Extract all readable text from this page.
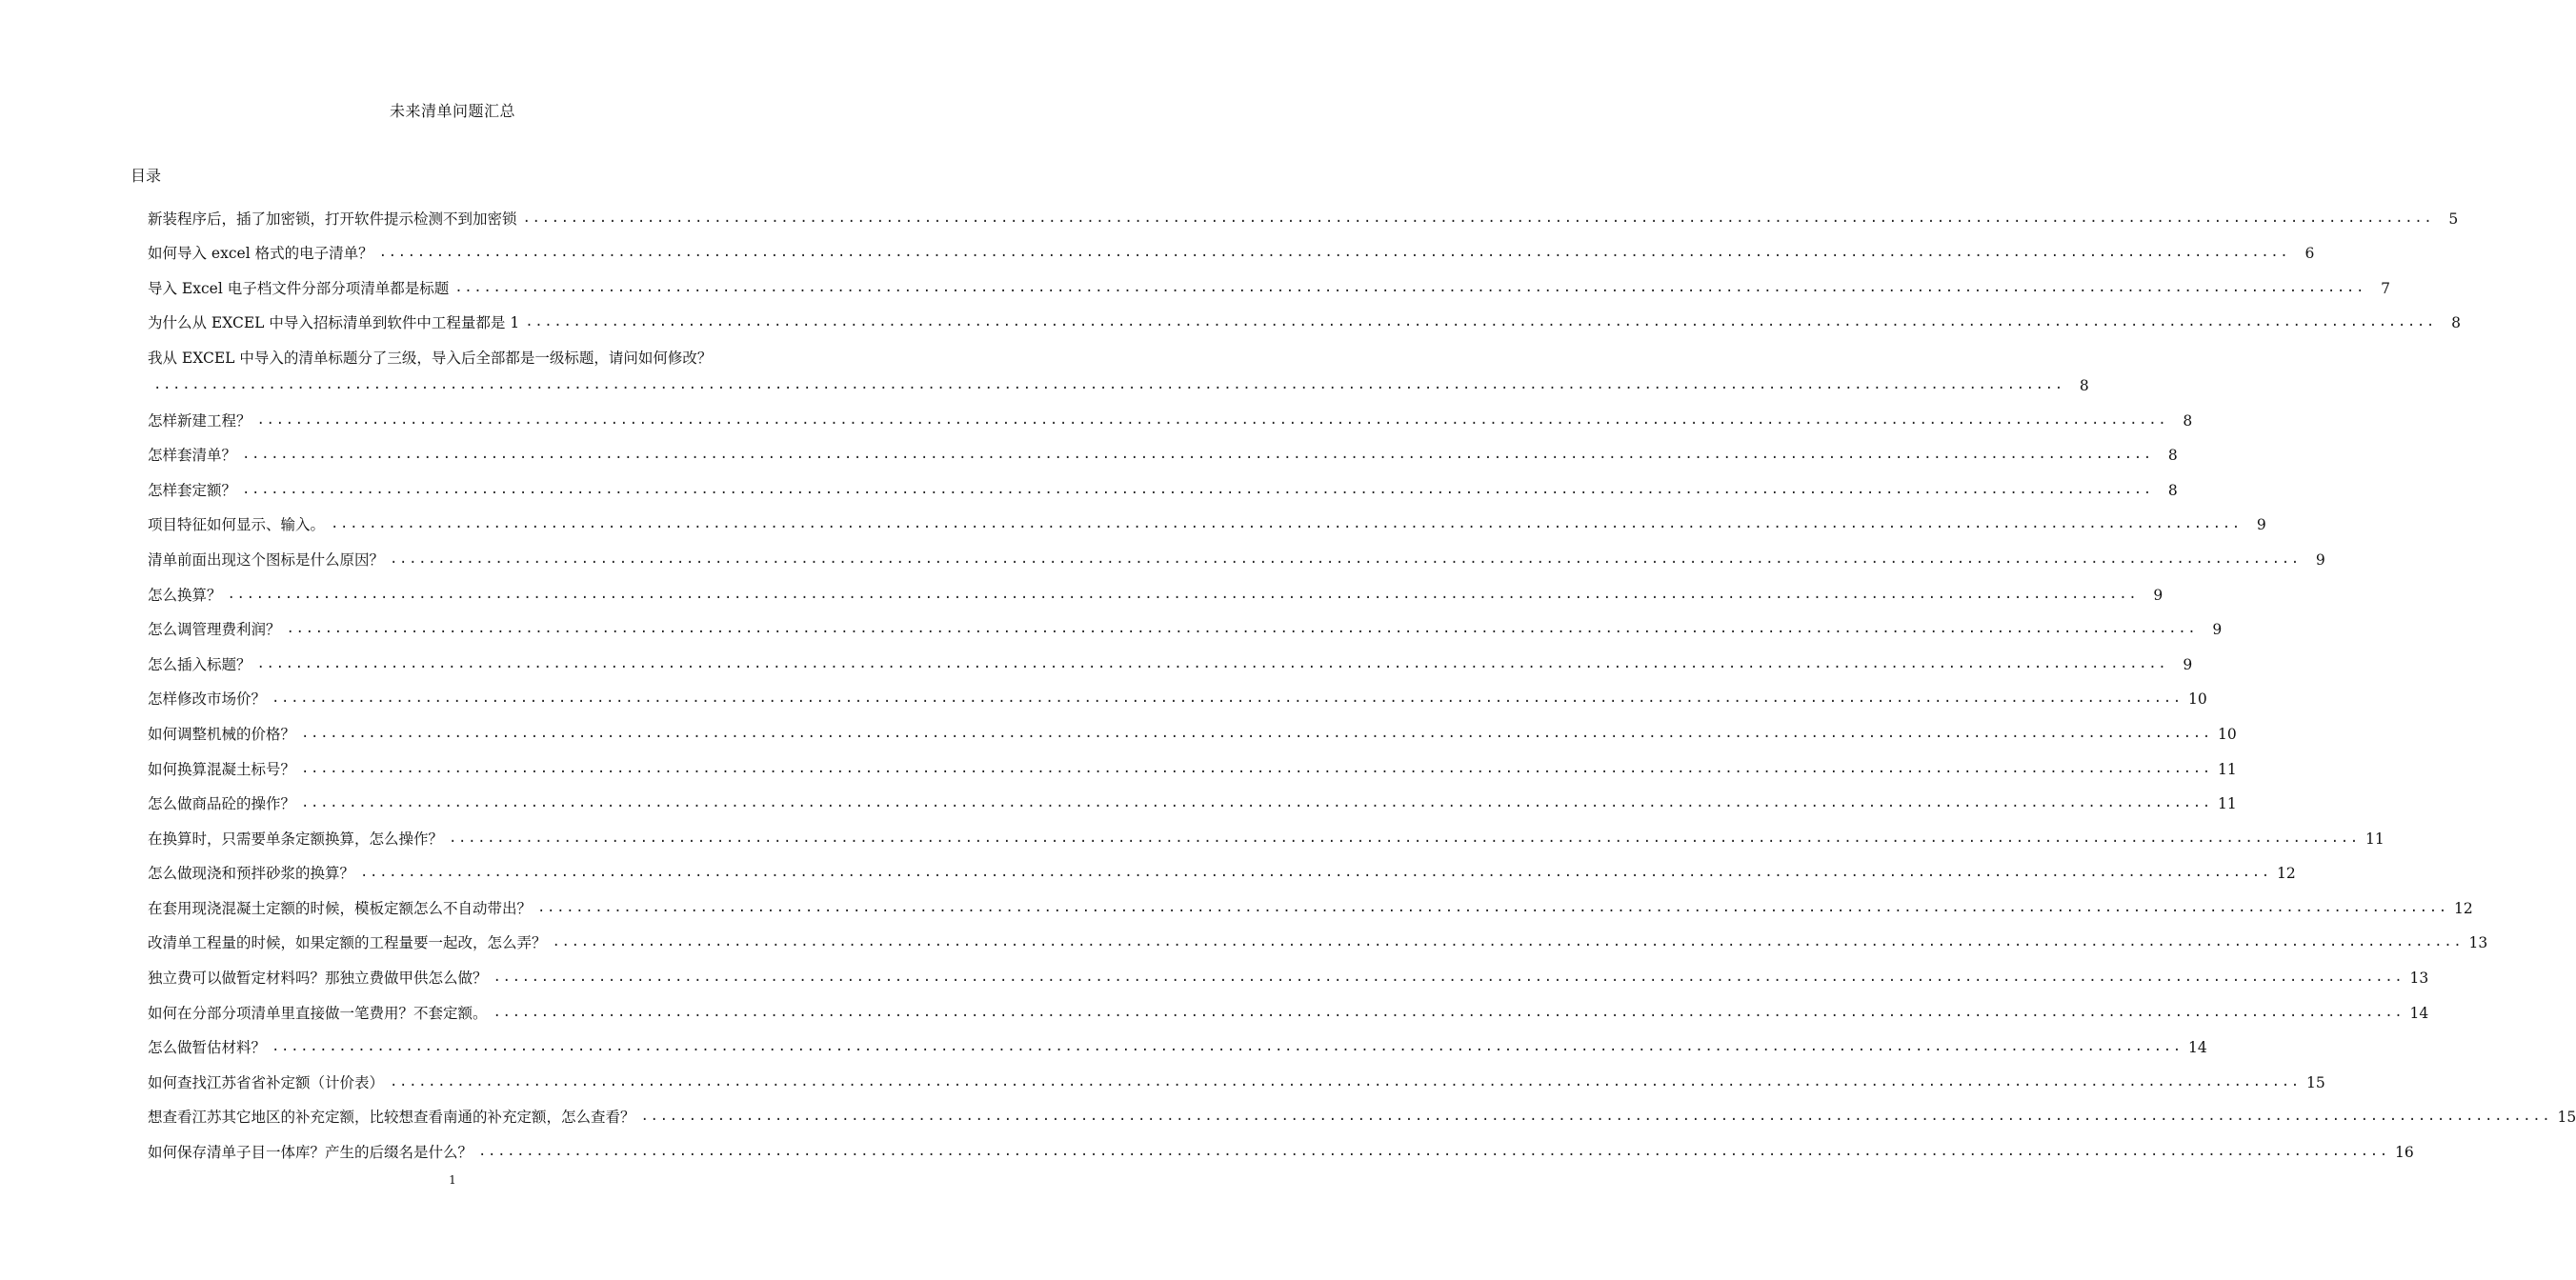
未来清单问题汇总
目录
新装程序后，插了加密锁，打开软件提示检测不到加密锁 ........................................................................................................................................................................................................	5
如何导入 excel 格式的电子清单？ ........................................................................................................................................................................................................	6
导入 Excel 电子档文件分部分项清单都是标题 ........................................................................................................................................................................................................	7
为什么从 EXCEL 中导入招标清单到软件中工程量都是 1 ........................................................................................................................................................................................................	8
我从 EXCEL 中导入的清单标题分了三级，导入后全部都是一级标题，请问如何修改？
........................................................................................................................................................................................................	8
怎样新建工程？ ........................................................................................................................................................................................................	8
怎样套清单？ ........................................................................................................................................................................................................	8
怎样套定额？ ........................................................................................................................................................................................................	8
项目特征如何显示、输入。 ........................................................................................................................................................................................................	9
清单前面出现这个图标是什么原因？ ........................................................................................................................................................................................................	9
怎么换算？ ........................................................................................................................................................................................................	9
怎么调管理费利润？ ........................................................................................................................................................................................................	9
怎么插入标题？ ........................................................................................................................................................................................................	9
怎样修改市场价？ ........................................................................................................................................................................................................ 10
如何调整机械的价格？ ........................................................................................................................................................................................................ 10
如何换算混凝土标号？ ........................................................................................................................................................................................................ 11
怎么做商品砼的操作？ ........................................................................................................................................................................................................ 11
在换算时，只需要单条定额换算，怎么操作？ ........................................................................................................................................................................................................ 11
怎么做现浇和预拌砂浆的换算？ ........................................................................................................................................................................................................ 12
在套用现浇混凝土定额的时候，模板定额怎么不自动带出？ ........................................................................................................................................................................................................ 12
改清单工程量的时候，如果定额的工程量要一起改，怎么弄？ ........................................................................................................................................................................................................ 13
独立费可以做暂定材料吗？那独立费做甲供怎么做？ ........................................................................................................................................................................................................ 13
如何在分部分项清单里直接做一笔费用？不套定额。 ........................................................................................................................................................................................................ 14
怎么做暂估材料？ ........................................................................................................................................................................................................ 14
如何查找江苏省省补定额（计价表） ........................................................................................................................................................................................................ 15
想查看江苏其它地区的补充定额，比较想查看南通的补充定额，怎么查看？ ........................................................................................................................................................................................................ 15
如何保存清单子目一体库？产生的后缀名是什么？ ........................................................................................................................................................................................................ 16
1
